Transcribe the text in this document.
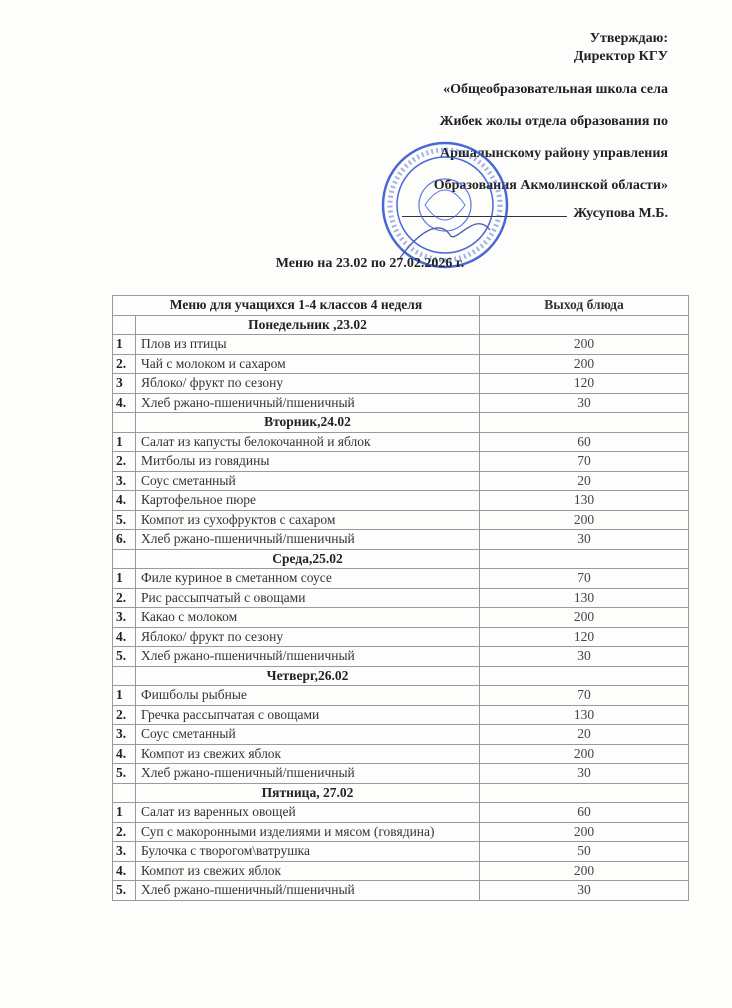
Утверждаю:
Директор КГУ
«Общеобразовательная школа села
Жибек жолы отдела образования по
Аршалынскому району управления
Образования Акмолинской области»
Жусупова М.Б.
Меню на 23.02 по 27.02.2026 г.
Меню для учащихся 1-4 классов 4 неделя		Выход блюда
	Понедельник ,23.02	
1	Плов из птицы	200
2.	Чай с молоком и сахаром	200
3	Яблоко/ фрукт по сезону	120
4.	Хлеб ржано-пшеничный/пшеничный	30
	Вторник,24.02	
1	Салат из капусты белокочанной и яблок	60
2.	Митболы из говядины	70
3.	Соус сметанный	20
4.	Картофельное пюре	130
5.	Компот из сухофруктов с сахаром	200
6.	Хлеб ржано-пшеничный/пшеничный	30
	Среда,25.02	
1	Филе куриное в сметанном соусе	70
2.	Рис рассыпчатый с овощами	130
3.	Какао с молоком	200
4.	Яблоко/ фрукт по сезону	120
5.	Хлеб ржано-пшеничный/пшеничный	30
	Четверг,26.02	
1	Фишболы рыбные	70
2.	Гречка рассыпчатая с овощами	130
3.	Соус сметанный	20
4.	Компот из свежих яблок	200
5.	Хлеб ржано-пшеничный/пшеничный	30
	Пятница, 27.02	
1	Салат из варенных овощей	60
2.	Суп с макоронными изделиями и мясом (говядина)	200
3.	Булочка с творогом\ватрушка	50
4.	Компот из свежих яблок	200
5.	Хлеб ржано-пшеничный/пшеничный	30
